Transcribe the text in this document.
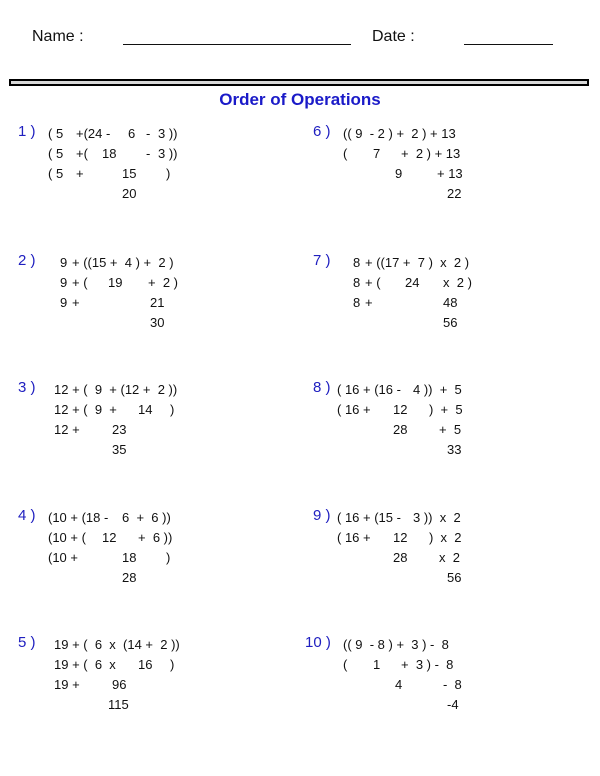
Name :	Date :
Order of Operations
1 ) ( 5 +(24 - 6 - 3 ))
( 5 +( 18 - 3 ))
( 5 +	15 )
20
2 ) 9 + ((15 +  4 ) +  2 )
9 + ( 19 +  2 )
9 +	21
30
3 ) 12 + (  9  + (12 +  2 ))
12 + (  9  + 14 )
12 + 23
35
4 ) (10 + (18 - 6  +  6 ))
(10 + ( 12 +  6 ))
(10 +	18 )
28
5 ) 19 + (  6  x  (14 +  2 ))
19 + (  6  x 16 )
19 + 96
115
6 ) (( 9  - 2 ) +  2 ) + 13
( 7 +  2 ) + 13
9	+ 13
22
7 ) 8 + ((17 +  7 )  x  2 )
8 + ( 24 x  2 )
8 +	48
56
8 ) ( 16 + (16 - 4 ))  +  5
( 16 + 12 )  +  5
28 +  5
33
9 ) ( 16 + (15 - 3 ))  x  2
( 16 + 12 )  x  2
28 x  2
56
10 ) (( 9  - 8 ) +  3 ) -  8
( 1 +  3 ) -  8
4	-  8
-4
